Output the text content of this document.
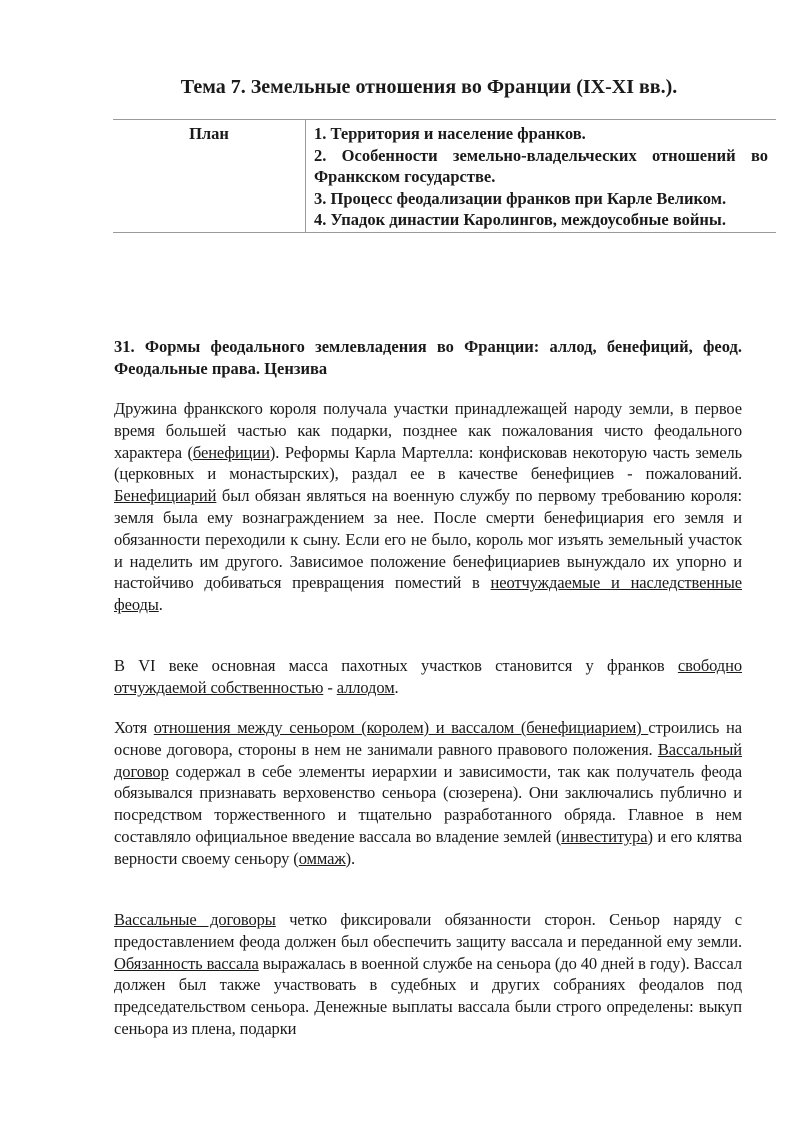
Тема 7. Земельные отношения во Франции (IX-XI вв.).
План	1. Территория и население франков.

2. Особенности земельно-владельческих отношений во Франкском государстве.

3. Процесс феодализации франков при Карле Великом.

4. Упадок династии Каролингов, междоусобные войны.

31. Формы феодального землевладения во Франции: аллод, бенефиций, феод. Феодальные права. Цензива

Дружина франкского короля получала участки принадлежащей народу земли, в первое время большей частью как подарки, позднее как пожалования чисто феодального характера (бенефиции). Реформы Карла Мартелла: конфисковав некоторую часть земель (церковных и монастырских), раздал ее в качестве бенефициев - пожалований. Бенефициарий был обязан являться на военную службу по первому требованию короля: земля была ему вознаграждением за нее. После смерти бенефициария его земля и обязанности переходили к сыну. Если его не было, король мог изъять земельный участок и наделить им другого. Зависимое положение бенефициариев вынуждало их упорно и настойчиво добиваться превращения поместий в неотчуждаемые и наследственные феоды.

В VI веке основная масса пахотных участков становится у франков свободно отчуждаемой собственностью - аллодом.

Хотя отношения между сеньором (королем) и вассалом (бенефициарием) строились на основе договора, стороны в нем не занимали равного правового положения. Вассальный договор содержал в себе элементы иерархии и зависимости, так как получатель феода обязывался признавать верховенство сеньора (сюзерена). Они заключались публично и посредством торжественного и тщательно разработанного обряда. Главное в нем составляло официальное введение вассала во владение землей (инвеститура) и его клятва верности своему сеньору (оммаж).

Вассальные договоры четко фиксировали обязанности сторон. Сеньор наряду с предоставлением феода должен был обеспечить защиту вассала и переданной ему земли. Обязанность вассала выражалась в военной службе на сеньора (до 40 дней в году). Вассал должен был также участвовать в судебных и других собраниях феодалов под председательством сеньора. Денежные выплаты вассала были строго определены: выкуп сеньора из плена, подарки
